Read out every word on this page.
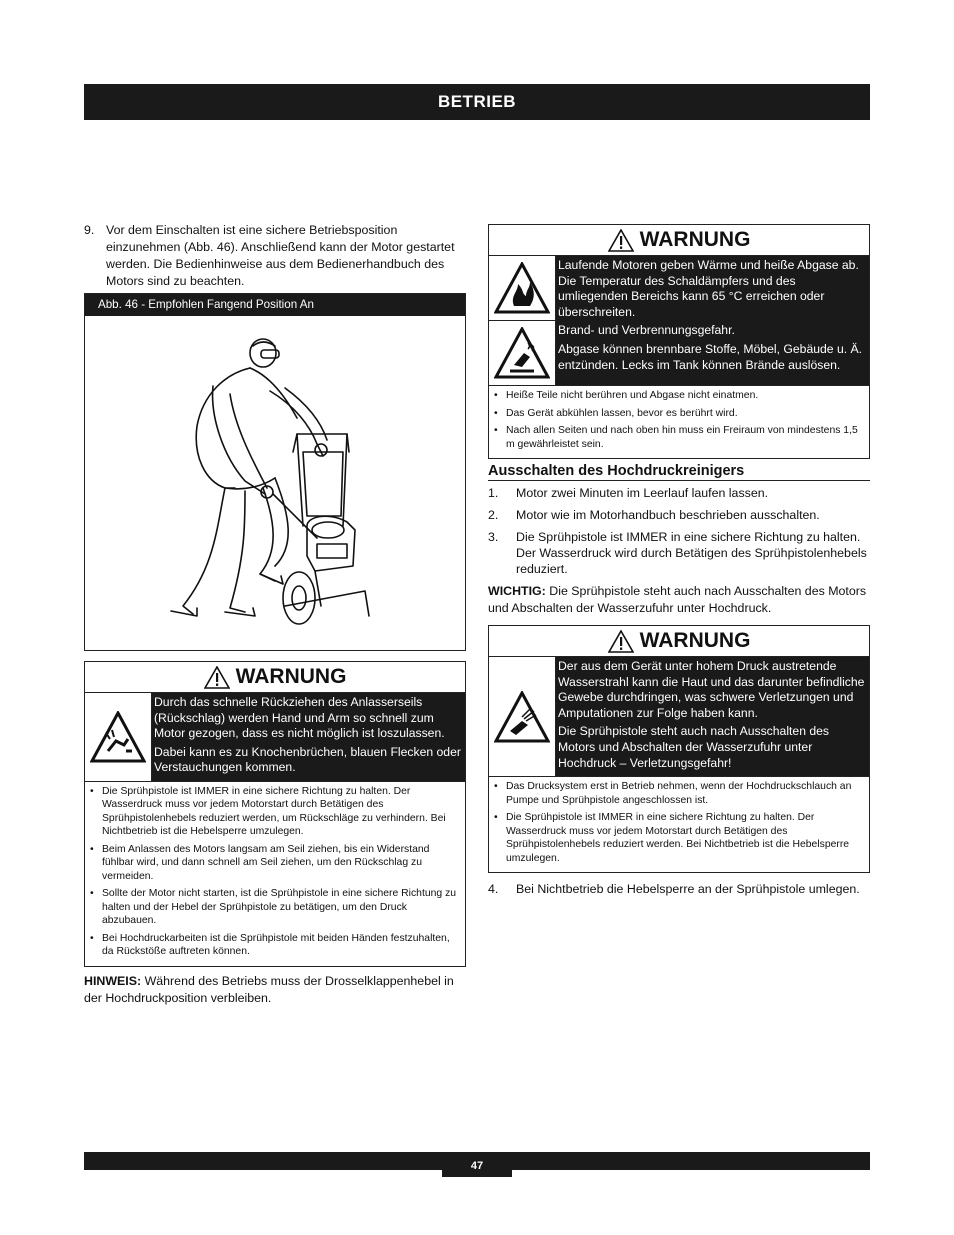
BETRIEB
9. Vor dem Einschalten ist eine sichere Betriebsposition einzunehmen (Abb. 46). Anschließend kann der Motor gestartet werden. Die Bedienhinweise aus dem Bedienerhandbuch des Motors sind zu beachten.
Abb. 46 - Empfohlen Fangend Position An
WARNUNG

Durch das schnelle Rückziehen des Anlasserseils (Rückschlag) werden Hand und Arm so schnell zum Motor gezogen, dass es nicht möglich ist loszulassen.

Dabei kann es zu Knochenbrüchen, blauen Flecken oder Verstauchungen kommen.

• Die Sprühpistole ist IMMER in eine sichere Richtung zu halten. Der Wasserdruck muss vor jedem Motorstart durch Betätigen des Sprühpistolenhebels reduziert werden, um Rückschläge zu verhindern. Bei Nichtbetrieb ist die Hebelsperre umzulegen.
• Beim Anlassen des Motors langsam am Seil ziehen, bis ein Widerstand fühlbar wird, und dann schnell am Seil ziehen, um den Rückschlag zu vermeiden.
• Sollte der Motor nicht starten, ist die Sprühpistole in eine sichere Richtung zu halten und der Hebel der Sprühpistole zu betätigen, um den Druck abzubauen.
• Bei Hochdruckarbeiten ist die Sprühpistole mit beiden Händen festzuhalten, da Rückstöße auftreten können.
HINWEIS: Während des Betriebs muss der Drosselklappenhebel in der Hochdruckposition verbleiben.
WARNUNG

Laufende Motoren geben Wärme und heiße Abgase ab. Die Temperatur des Schaldämpfers und des umliegenden Bereichs kann 65 °C erreichen oder überschreiten.

Brand- und Verbrennungsgefahr.

Abgase können brennbare Stoffe, Möbel, Gebäude u. Ä. entzünden. Lecks im Tank können Brände auslösen.

• Heiße Teile nicht berühren und Abgase nicht einatmen.
• Das Gerät abkühlen lassen, bevor es berührt wird.
• Nach allen Seiten und nach oben hin muss ein Freiraum von mindestens 1,5 m gewährleistet sein.
Ausschalten des Hochdruckreinigers
1.	Motor zwei Minuten im Leerlauf laufen lassen.
2.	Motor wie im Motorhandbuch beschrieben ausschalten.
3.	Die Sprühpistole ist IMMER in eine sichere Richtung zu halten. Der Wasserdruck wird durch Betätigen des Sprühpistolenhebels reduziert.
WICHTIG: Die Sprühpistole steht auch nach Ausschalten des Motors und Abschalten der Wasserzufuhr unter Hochdruck.
WARNUNG

Der aus dem Gerät unter hohem Druck austretende Wasserstrahl kann die Haut und das darunter befindliche Gewebe durchdringen, was schwere Verletzungen und Amputationen zur Folge haben kann.

Die Sprühpistole steht auch nach Ausschalten des Motors und Abschalten der Wasserzufuhr unter Hochdruck – Verletzungsgefahr!

• Das Drucksystem erst in Betrieb nehmen, wenn der Hochdruckschlauch an Pumpe und Sprühpistole angeschlossen ist.
• Die Sprühpistole ist IMMER in eine sichere Richtung zu halten. Der Wasserdruck muss vor jedem Motorstart durch Betätigen des Sprühpistolenhebels reduziert werden. Bei Nichtbetrieb ist die Hebelsperre umzulegen.
4.	Bei Nichtbetrieb die Hebelsperre an der Sprühpistole umlegen.
47
